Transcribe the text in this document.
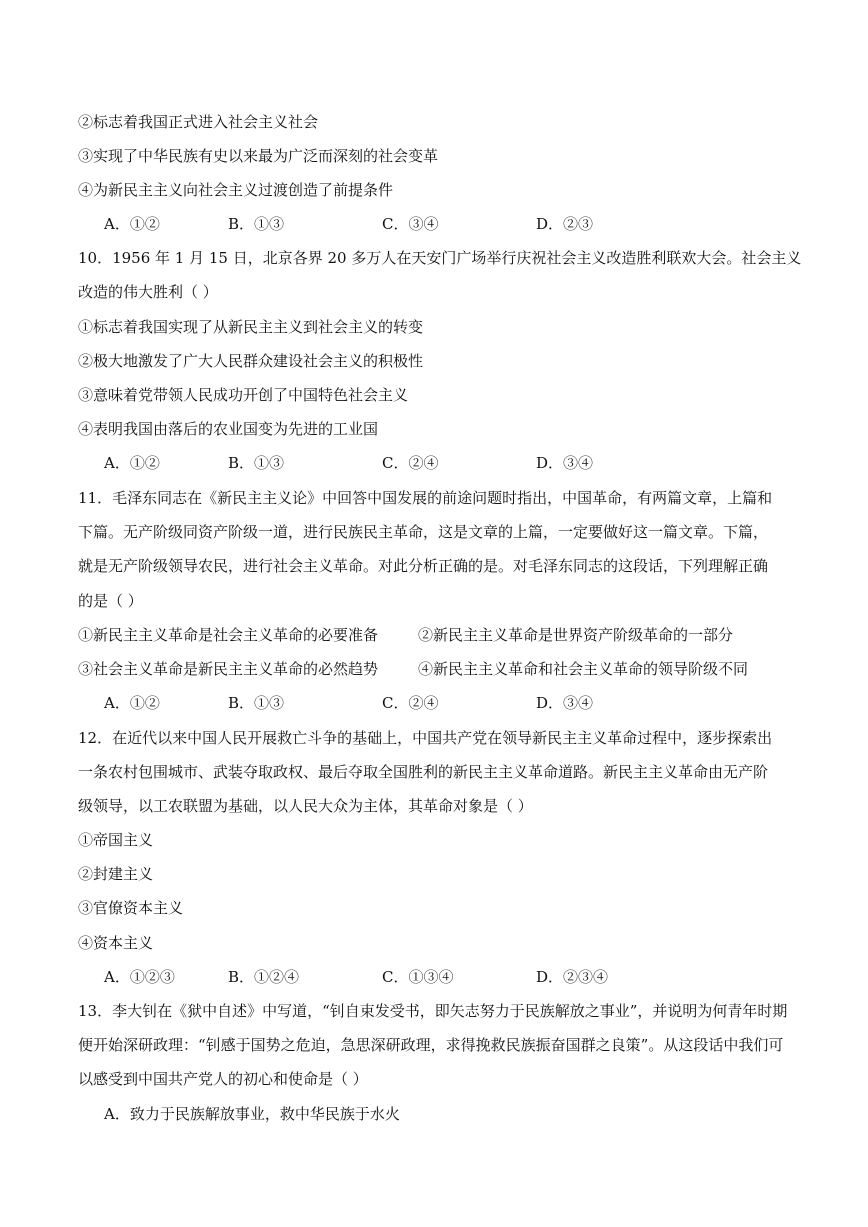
②标志着我国正式进入社会主义社会
③实现了中华民族有史以来最为广泛而深刻的社会变革
④为新民主主义向社会主义过渡创造了前提条件
A．①②	B．①③	C．③④	D．②③
10．1956 年 1 月 15 日，北京各界 20 多万人在天安门广场举行庆祝社会主义改造胜利联欢大会。社会主义
改造的伟大胜利（ ）
①标志着我国实现了从新民主主义到社会主义的转变
②极大地激发了广大人民群众建设社会主义的积极性
③意味着党带领人民成功开创了中国特色社会主义
④表明我国由落后的农业国变为先进的工业国
A．①②	B．①③	C．②④	D．③④
11．毛泽东同志在《新民主主义论》中回答中国发展的前途问题时指出，中国革命，有两篇文章，上篇和
下篇。无产阶级同资产阶级一道，进行民族民主革命，这是文章的上篇，一定要做好这一篇文章。下篇，
就是无产阶级领导农民，进行社会主义革命。对此分析正确的是。对毛泽东同志的这段话，下列理解正确
的是（ ）
①新民主主义革命是社会主义革命的必要准备	②新民主主义革命是世界资产阶级革命的一部分
③社会主义革命是新民主主义革命的必然趋势	④新民主主义革命和社会主义革命的领导阶级不同
A．①②	B．①③	C．②④	D．③④
12．在近代以来中国人民开展救亡斗争的基础上，中国共产党在领导新民主主义革命过程中，逐步探索出
一条农村包围城市、武装夺取政权、最后夺取全国胜利的新民主主义革命道路。新民主主义革命由无产阶
级领导，以工农联盟为基础，以人民大众为主体，其革命对象是（ ）
①帝国主义
②封建主义
③官僚资本主义
④资本主义
A．①②③	B．①②④	C．①③④	D．②③④
13．李大钊在《狱中自述》中写道，“钊自束发受书，即矢志努力于民族解放之事业”，并说明为何青年时期
便开始深研政理：“钊感于国势之危迫，急思深研政理，求得挽救民族振奋国群之良策”。从这段话中我们可
以感受到中国共产党人的初心和使命是（ ）
A．致力于民族解放事业，救中华民族于水火
